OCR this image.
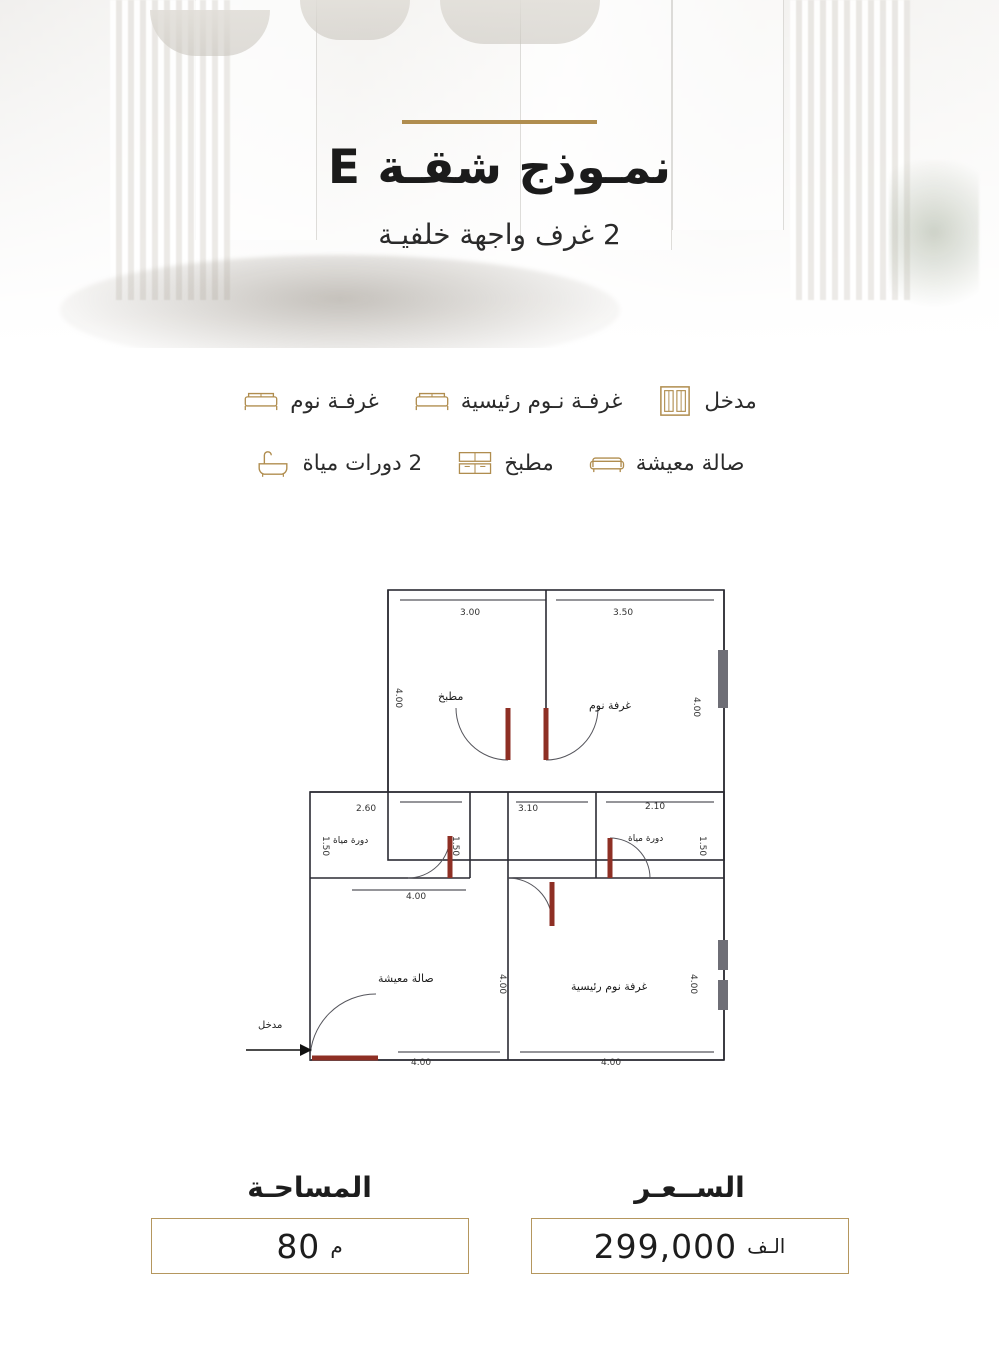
نمـوذج شقـة E
2 غرف واجهة خلفيـة
مدخل
غرفـة نـوم رئيسية
غرفـة نوم
صالة معيشة
مطبخ
2 دورات مياة
مطبخ
غرفة نوم
دورة مياة	دورة مياة
صالة معيشة
غرفة نوم رئيسية
مدخل
3.00	3.50
4.00	4.00
2.60	3.10	2.10
1.50	1.50	1.50
4.00
4.00	4.00
4.00	4.00
الســعـر
الـف
299,000
المساحـة
م
80
